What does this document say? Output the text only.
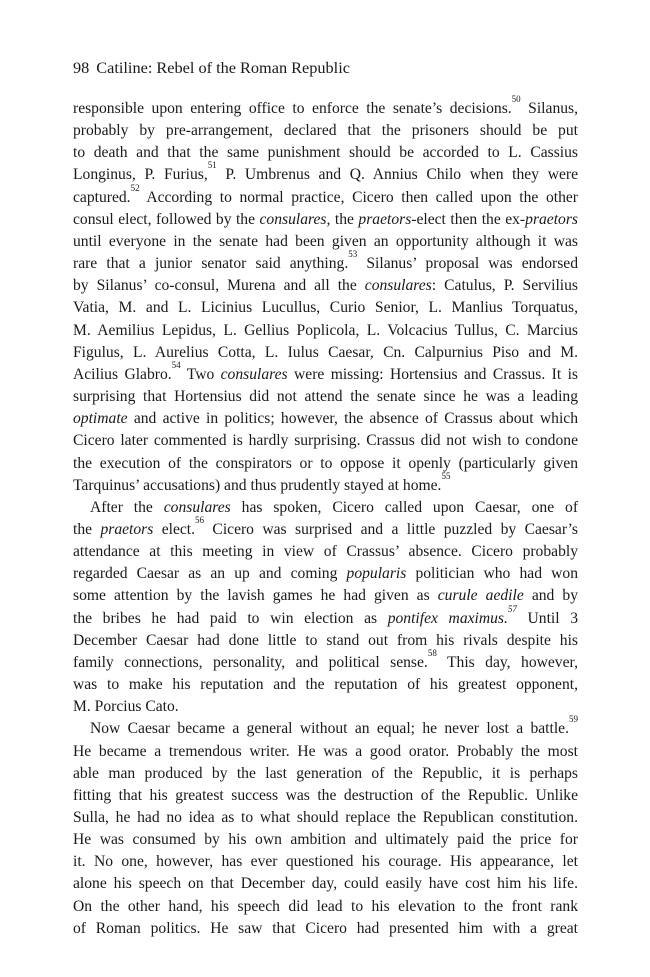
98 Catiline: Rebel of the Roman Republic
responsible upon entering office to enforce the senate’s decisions.$^{50}$ Silanus,
probably by pre-arrangement, declared that the prisoners should be put
to death and that the same punishment should be accorded to L. Cassius
Longinus, P. Furius,$^{51}$ P. Umbrenus and Q. Annius Chilo when they were
captured.$^{52}$ According to normal practice, Cicero then called upon the other
consul elect, followed by the consulares, the praetors-elect then the ex-praetors
until everyone in the senate had been given an opportunity although it was
rare that a junior senator said anything.$^{53}$ Silanus’ proposal was endorsed
by Silanus’ co-consul, Murena and all the consulares: Catulus, P. Servilius
Vatia, M. and L. Licinius Lucullus, Curio Senior, L. Manlius Torquatus,
M. Aemilius Lepidus, L. Gellius Poplicola, L. Volcacius Tullus, C. Marcius
Figulus, L. Aurelius Cotta, L. Iulus Caesar, Cn. Calpurnius Piso and M.
Acilius Glabro.$^{54}$ Two consulares were missing: Hortensius and Crassus. It is
surprising that Hortensius did not attend the senate since he was a leading
optimate and active in politics; however, the absence of Crassus about which
Cicero later commented is hardly surprising. Crassus did not wish to condone
the execution of the conspirators or to oppose it openly (particularly given
Tarquinus’ accusations) and thus prudently stayed at home.$^{55}$
After the consulares has spoken, Cicero called upon Caesar, one of
the praetors elect.$^{56}$ Cicero was surprised and a little puzzled by Caesar’s
attendance at this meeting in view of Crassus’ absence. Cicero probably
regarded Caesar as an up and coming popularis politician who had won
some attention by the lavish games he had given as curule aedile and by
the bribes he had paid to win election as pontifex maximus.$^{57}$ Until 3
December Caesar had done little to stand out from his rivals despite his
family connections, personality, and political sense.$^{58}$ This day, however,
was to make his reputation and the reputation of his greatest opponent,
M. Porcius Cato.
Now Caesar became a general without an equal; he never lost a battle.$^{59}$
He became a tremendous writer. He was a good orator. Probably the most
able man produced by the last generation of the Republic, it is perhaps
fitting that his greatest success was the destruction of the Republic. Unlike
Sulla, he had no idea as to what should replace the Republican constitution.
He was consumed by his own ambition and ultimately paid the price for
it. No one, however, has ever questioned his courage. His appearance, let
alone his speech on that December day, could easily have cost him his life.
On the other hand, his speech did lead to his elevation to the front rank
of Roman politics. He saw that Cicero had presented him with a great
